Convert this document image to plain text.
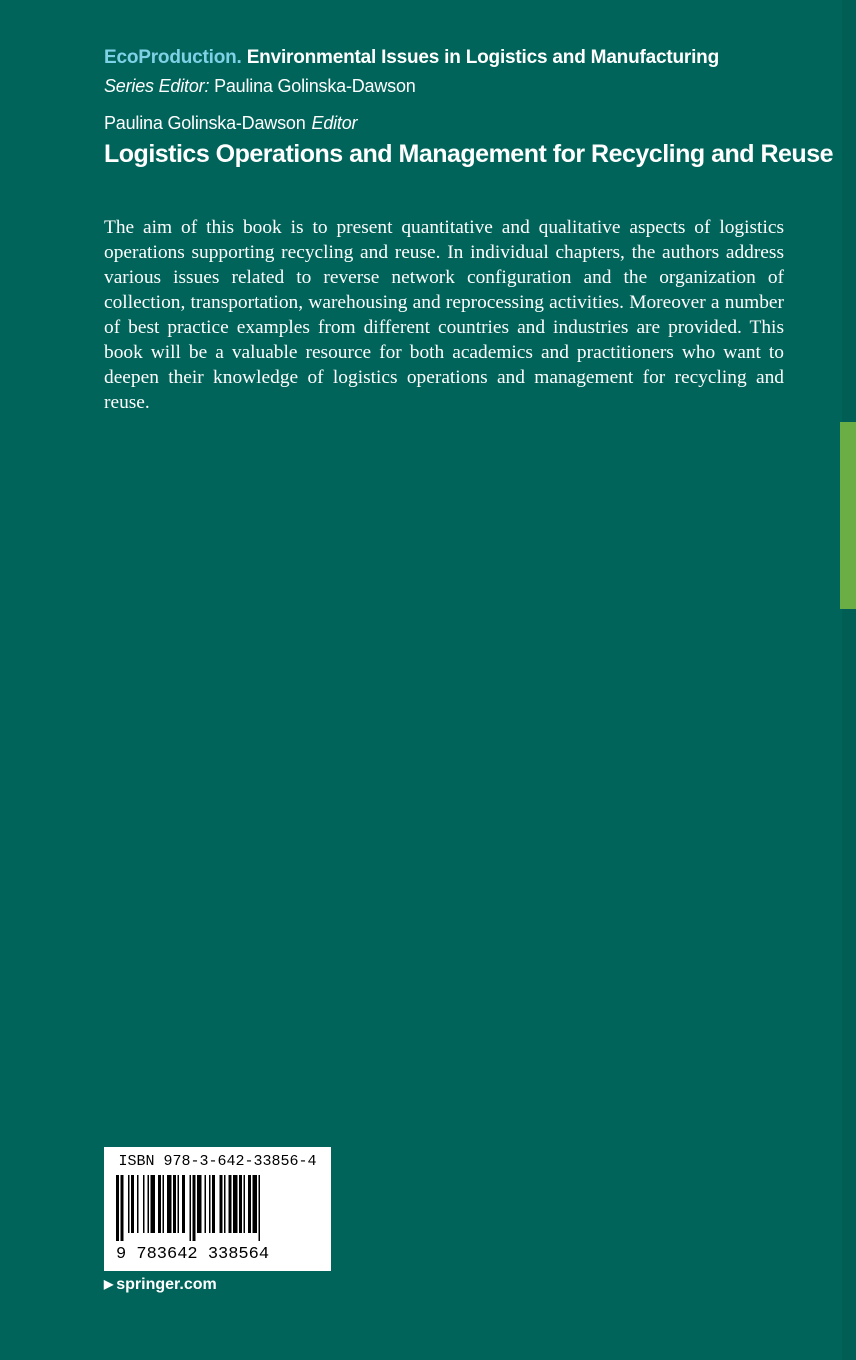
EcoProduction. Environmental Issues in Logistics and Manufacturing
Series Editor: Paulina Golinska-Dawson
Paulina Golinska-Dawson Editor
Logistics Operations and Management for Recycling and Reuse

The aim of this book is to present quantitative and qualitative aspects of logistics operations supporting recycling and reuse. In individual chapters, the authors address various issues related to reverse network configuration and the organization of collection, transportation, warehousing and reprocessing activities. Moreover a number of best practice examples from different countries and industries are provided. This book will be a valuable resource for both academics and practitioners who want to deepen their knowledge of logistics operations and management for recycling and reuse.

ISBN 978-3-642-33856-4
9 783642 338564
▶ springer.com
